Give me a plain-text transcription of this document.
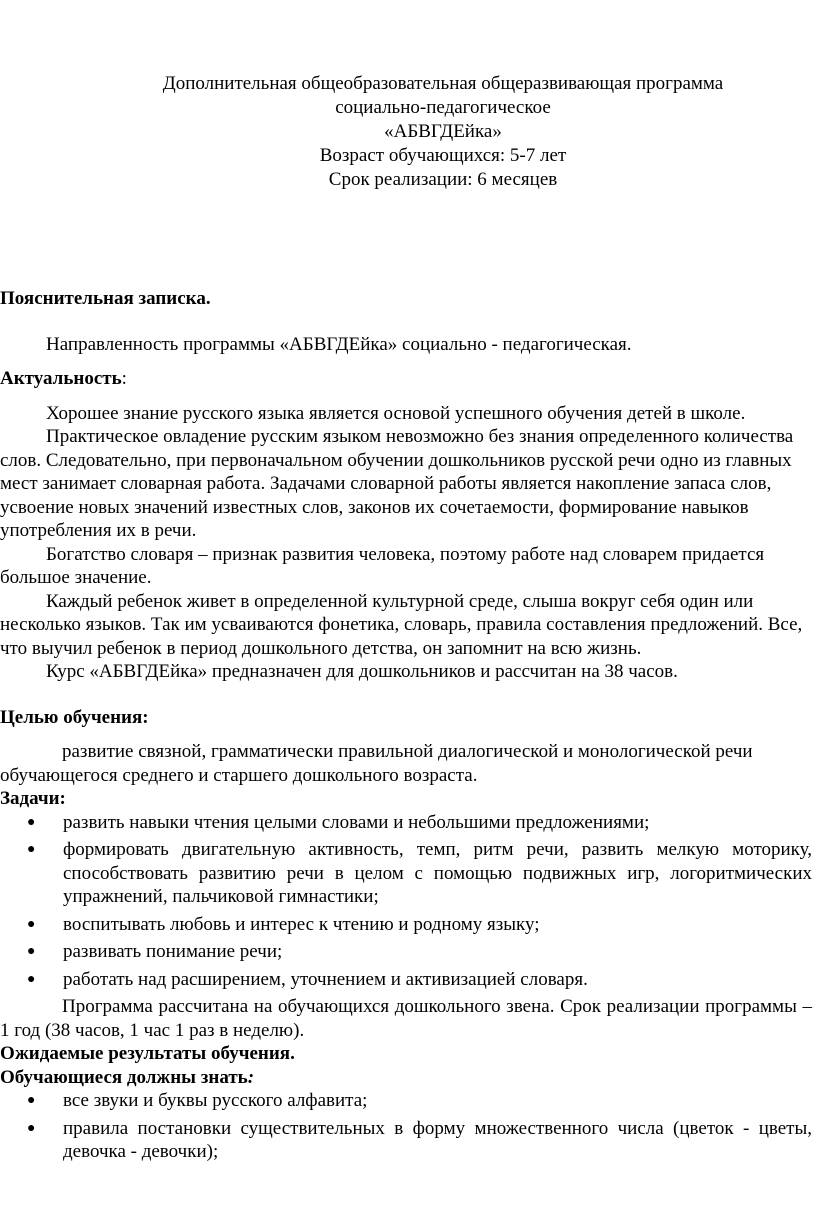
Дополнительная общеобразовательная общеразвивающая программа
социально-педагогическое
«АБВГДЕйка»
Возраст обучающихся: 5-7 лет
Срок реализации: 6 месяцев

Пояснительная записка.

Направленность программы «АБВГДЕйка» социально - педагогическая.

Актуальность:

Хорошее знание русского языка является основой успешного обучения детей в школе.

Практическое овладение русским языком невозможно без знания определенного количества слов. Следовательно, при первоначальном обучении дошкольников русской речи одно из главных мест занимает словарная работа. Задачами словарной работы является накопление запаса слов, усвоение новых значений известных слов, законов их сочетаемости, формирование навыков употребления их в речи.

Богатство словаря – признак развития человека, поэтому работе над словарем придается большое значение.

Каждый ребенок живет в определенной культурной среде, слыша вокруг себя один или несколько языков. Так им усваиваются фонетика, словарь, правила составления предложений. Все, что выучил ребенок в период дошкольного детства, он запомнит на всю жизнь.

Курс «АБВГДЕйка» предназначен для дошкольников и рассчитан на 38 часов.

Целью обучения:

развитие связной, грамматически правильной диалогической и монологической речи обучающегося среднего и старшего дошкольного возраста.

Задачи:

● развить навыки чтения целыми словами и небольшими предложениями;
● формировать двигательную активность, темп, ритм речи, развить мелкую моторику, способствовать развитию речи в целом с помощью подвижных игр, логоритмических упражнений, пальчиковой гимнастики;
● воспитывать любовь и интерес к чтению и родному языку;
● развивать понимание речи;
● работать над расширением, уточнением и активизацией словаря.

Программа рассчитана на обучающихся дошкольного звена. Срок реализации программы – 1 год (38 часов, 1 час 1 раз в неделю).

Ожидаемые результаты обучения.

Обучающиеся должны знать:

● все звуки и буквы русского алфавита;
● правила постановки существительных в форму множественного числа (цветок - цветы, девочка - девочки);
